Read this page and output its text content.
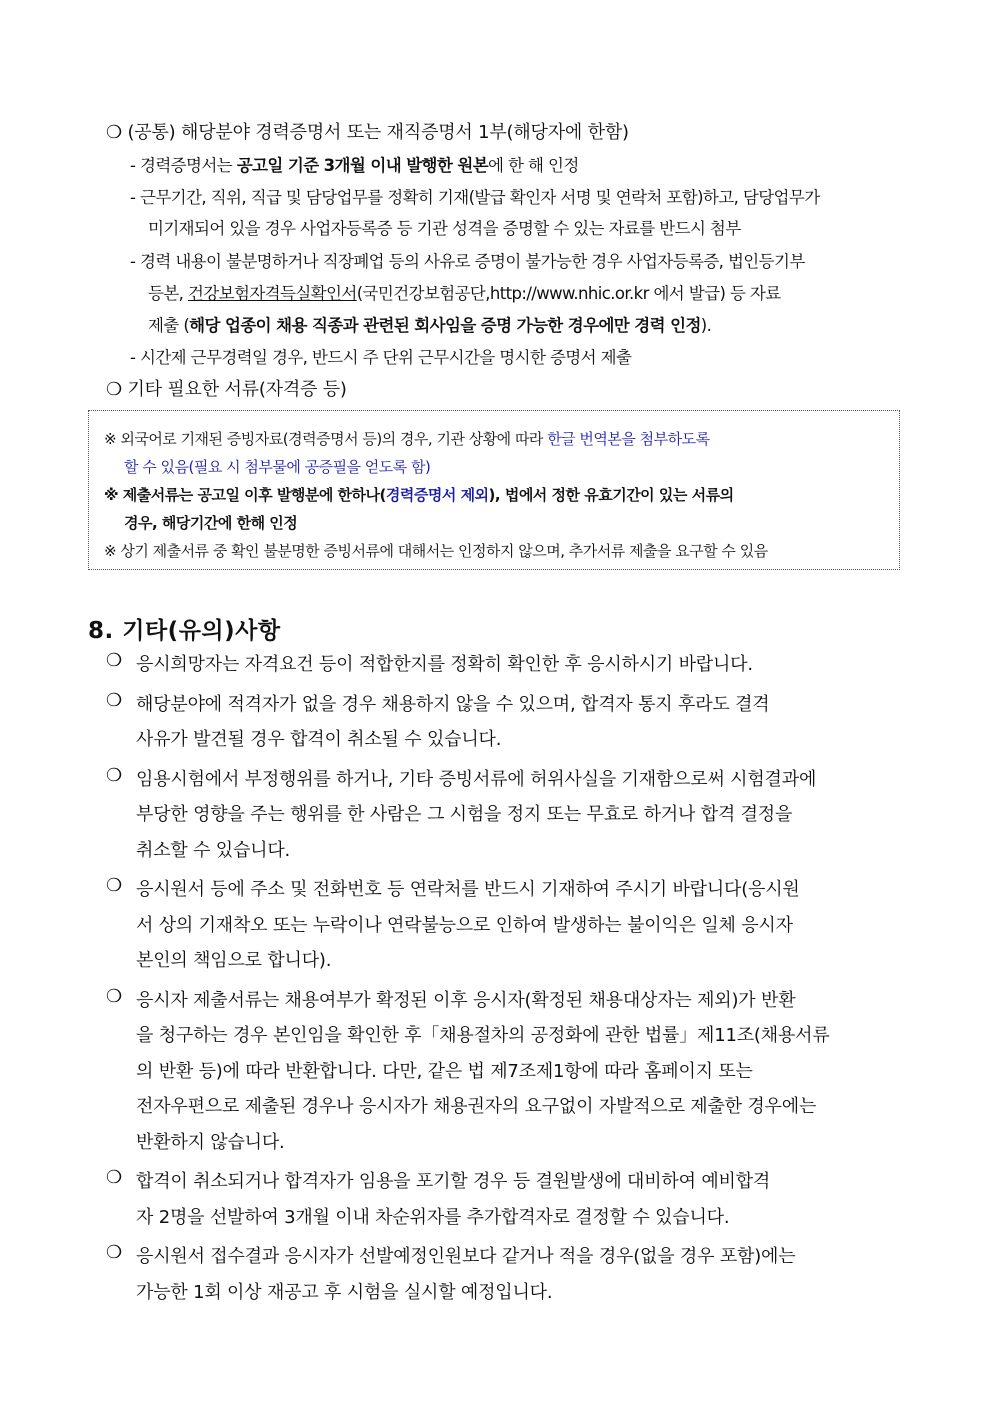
❍ (공통) 해당분야 경력증명서 또는 재직증명서 1부(해당자에 한함)
- 경력증명서는 공고일 기준 3개월 이내 발행한 원본에 한 해 인정
- 근무기간, 직위, 직급 및 담당업무를 정확히 기재(발급 확인자 서명 및 연락처 포함)하고, 담당업무가
미기재되어 있을 경우 사업자등록증 등 기관 성격을 증명할 수 있는 자료를 반드시 첨부
- 경력 내용이 불분명하거나 직장폐업 등의 사유로 증명이 불가능한 경우 사업자등록증, 법인등기부
등본, 건강보험자격득실확인서(국민건강보험공단,http://www.nhic.or.kr 에서 발급) 등 자료
제출 (해당 업종이 채용 직종과 관련된 회사임을 증명 가능한 경우에만 경력 인정).
- 시간제 근무경력일 경우, 반드시 주 단위 근무시간을 명시한 증명서 제출
❍ 기타 필요한 서류(자격증 등)
※ 외국어로 기재된 증빙자료(경력증명서 등)의 경우, 기관 상황에 따라 한글 번역본을 첨부하도록
할 수 있음(필요 시 첨부물에 공증필을 얻도록 함)
※ 제출서류는 공고일 이후 발행분에 한하나(경력증명서 제외), 법에서 정한 유효기간이 있는 서류의
경우, 해당기간에 한해 인정
※ 상기 제출서류 중 확인 불분명한 증빙서류에 대해서는 인정하지 않으며, 추가서류 제출을 요구할 수 있음
8. 기타(유의)사항
❍ 응시희망자는 자격요건 등이 적합한지를 정확히 확인한 후 응시하시기 바랍니다.
❍ 해당분야에 적격자가 없을 경우 채용하지 않을 수 있으며, 합격자 통지 후라도 결격
사유가 발견될 경우 합격이 취소될 수 있습니다.
❍ 임용시험에서 부정행위를 하거나, 기타 증빙서류에 허위사실을 기재함으로써 시험결과에
부당한 영향을 주는 행위를 한 사람은 그 시험을 정지 또는 무효로 하거나 합격 결정을
취소할 수 있습니다.
❍ 응시원서 등에 주소 및 전화번호 등 연락처를 반드시 기재하여 주시기 바랍니다(응시원
서 상의 기재착오 또는 누락이나 연락불능으로 인하여 발생하는 불이익은 일체 응시자
본인의 책임으로 합니다).
❍ 응시자 제출서류는 채용여부가 확정된 이후 응시자(확정된 채용대상자는 제외)가 반환
을 청구하는 경우 본인임을 확인한 후「채용절차의 공정화에 관한 법률」제11조(채용서류
의 반환 등)에 따라 반환합니다. 다만, 같은 법 제7조제1항에 따라 홈페이지 또는
전자우편으로 제출된 경우나 응시자가 채용권자의 요구없이 자발적으로 제출한 경우에는
반환하지 않습니다.
❍ 합격이 취소되거나 합격자가 임용을 포기할 경우 등 결원발생에 대비하여 예비합격
자 2명을 선발하여 3개월 이내 차순위자를 추가합격자로 결정할 수 있습니다.
❍ 응시원서 접수결과 응시자가 선발예정인원보다 같거나 적을 경우(없을 경우 포함)에는
가능한 1회 이상 재공고 후 시험을 실시할 예정입니다.
